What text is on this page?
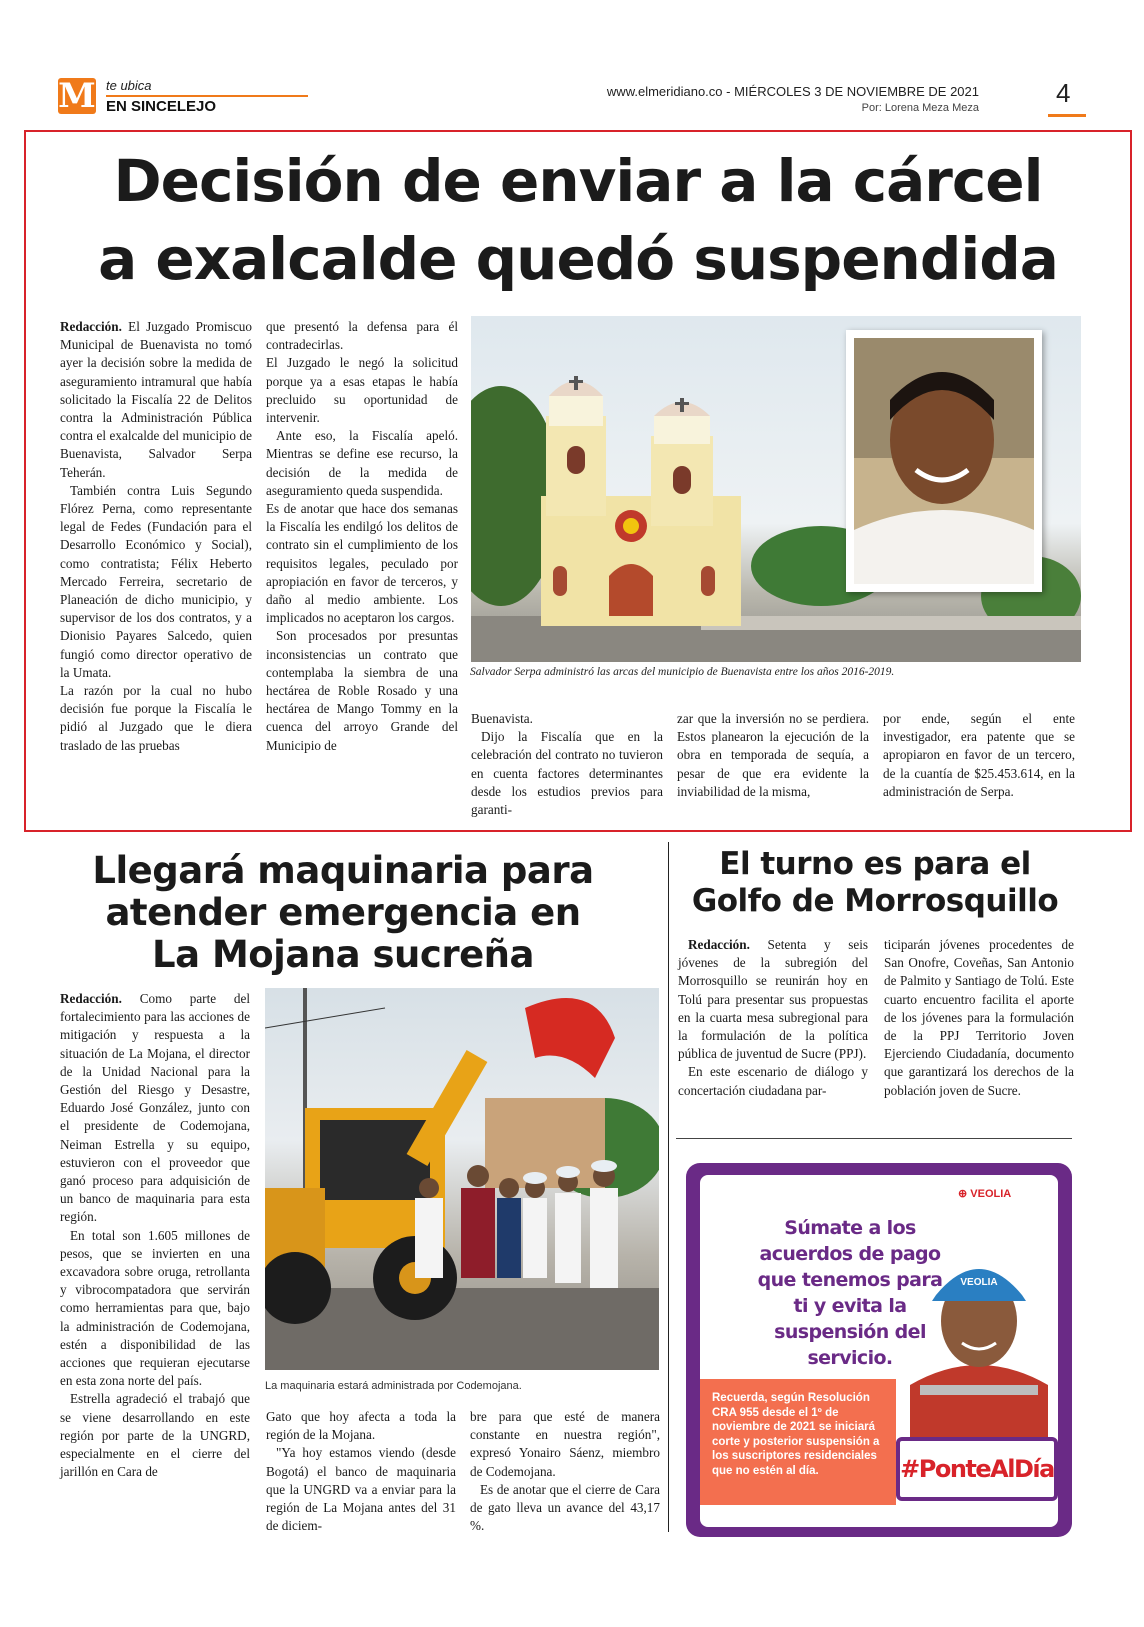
M te ubica
EN SINCELEJO
www.elmeridiano.co - MIÉRCOLES 3 DE NOVIEMBRE DE 2021
Por: Lorena Meza Meza	4
Decisión de enviar a la cárcel
a exalcalde quedó suspendida

Redacción. El Juzgado Promiscuo Municipal de Buenavista no tomó ayer la decisión sobre la medida de aseguramiento intramural que había solicitado la Fiscalía 22 de Delitos contra la Administración Pública contra el exalcalde del municipio de Buenavista, Salvador Serpa Teherán.

También contra Luis Segundo Flórez Perna, como representante legal de Fedes (Fundación para el Desarrollo Económico y Social), como contratista; Félix Heberto Mercado Ferreira, secretario de Planeación de dicho municipio, y supervisor de los dos contratos, y a Dionisio Payares Salcedo, quien fungió como director operativo de la Umata.

La razón por la cual no hubo decisión fue porque la Fiscalía le pidió al Juzgado que le diera traslado de las pruebas

que presentó la defensa para él contradecirlas.

El Juzgado le negó la solicitud porque ya a esas etapas le había precluido su oportunidad de intervenir.

Ante eso, la Fiscalía apeló. Mientras se define ese recurso, la decisión de la medida de aseguramiento queda suspendida.

Es de anotar que hace dos semanas la Fiscalía les endilgó los delitos de contrato sin el cumplimiento de los requisitos legales, peculado por apropiación en favor de terceros, y daño al medio ambiente. Los implicados no aceptaron los cargos.

Son procesados por presuntas inconsistencias un contrato que contemplaba la siembra de una hectárea de Roble Rosado y una hectárea de Mango Tommy en la cuenca del arroyo Grande del Municipio de

Salvador Serpa administró las arcas del municipio de Buenavista entre los años 2016-2019.

Buenavista.

Dijo la Fiscalía que en la celebración del contrato no tuvieron en cuenta factores determinantes desde los estudios previos para garanti-

zar que la inversión no se perdiera. Estos planearon la ejecución de la obra en temporada de sequía, a pesar de que era evidente la inviabilidad de la misma,

por ende, según el ente investigador, era patente que se apropiaron en favor de un tercero, de la cuantía de $25.453.614, en la administración de Serpa.

Llegará maquinaria para
atender emergencia en
La Mojana sucreña

Redacción. Como parte del fortalecimiento para las acciones de mitigación y respuesta a la situación de La Mojana, el director de la Unidad Nacional para la Gestión del Riesgo y Desastre, Eduardo José González, junto con el presidente de Codemojana, Neiman Estrella y su equipo, estuvieron con el proveedor que ganó proceso para adquisición de un banco de maquinaria para esta región.

En total son 1.605 millones de pesos, que se invierten en una excavadora sobre oruga, retrollanta y vibrocompatadora que servirán como herramientas para que, bajo la administración de Codemojana, estén a disponibilidad de las acciones que requieran ejecutarse en esta zona norte del país.

Estrella agradeció el trabajó que se viene desarrollando en este región por parte de la UNGRD, especialmente en el cierre del jarillón en Cara de

La maquinaria estará administrada por Codemojana.

Gato que hoy afecta a toda la región de la Mojana.

"Ya hoy estamos viendo (desde Bogotá) el banco de maquinaria que la UNGRD va a enviar para la región de La Mojana antes del 31 de diciem-

bre para que esté de manera constante en nuestra región", expresó Yonairo Sáenz, miembro de Codemojana.

Es de anotar que el cierre de Cara de gato lleva un avance del 43,17 %.

El turno es para el
Golfo de Morrosquillo

Redacción. Setenta y seis jóvenes de la subregión del Morrosquillo se reunirán hoy en Tolú para presentar sus propuestas en la cuarta mesa subregional para la formulación de la política pública de juventud de Sucre (PPJ).

En este escenario de diálogo y concertación ciudadana par-

ticiparán jóvenes procedentes de San Onofre, Coveñas, San Antonio de Palmito y Santiago de Tolú. Este cuarto encuentro facilita el aporte de los jóvenes para la formulación de la PPJ Territorio Joven Ejerciendo Ciudadanía, documento que garantizará los derechos de la población joven de Sucre.

⊕ VEOLIA
Súmate a los acuerdos de pago que tenemos para ti y evita la suspensión del servicio.
VEOLIA
Recuerda, según Resolución CRA 955 desde el 1º de noviembre de 2021 se iniciará corte y posterior suspensión a los suscriptores residenciales que no estén al día.	#PonteAlDía
